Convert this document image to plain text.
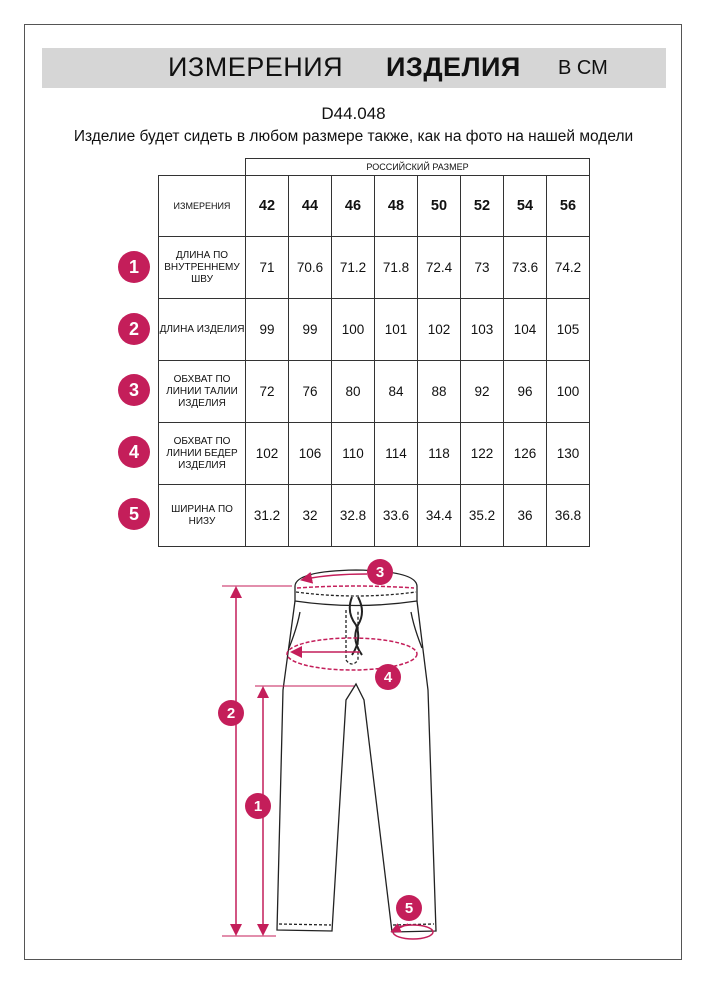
ИЗМЕРЕНИЯ ИЗДЕЛИЯ В СМ
D44.048
Изделие будет сидеть в любом размере также, как на фото на нашей модели
	РОССИЙСКИЙ РАЗМЕР							
ИЗМЕРЕНИЯ	42	44	46	48	50	52	54	56
ДЛИНА ПО ВНУТРЕННЕМУ ШВУ	71	70.6	71.2	71.8	72.4	73	73.6	74.2
ДЛИНА ИЗДЕЛИЯ	99	99	100	101	102	103	104	105
ОБХВАТ ПО ЛИНИИ ТАЛИИ ИЗДЕЛИЯ	72	76	80	84	88	92	96	100
ОБХВАТ ПО ЛИНИИ БЕДЕР ИЗДЕЛИЯ	102	106	110	114	118	122	126	130
ШИРИНА ПО НИЗУ	31.2	32	32.8	33.6	34.4	35.2	36	36.8
1
2
3
4
5
3
4
2
1
5
